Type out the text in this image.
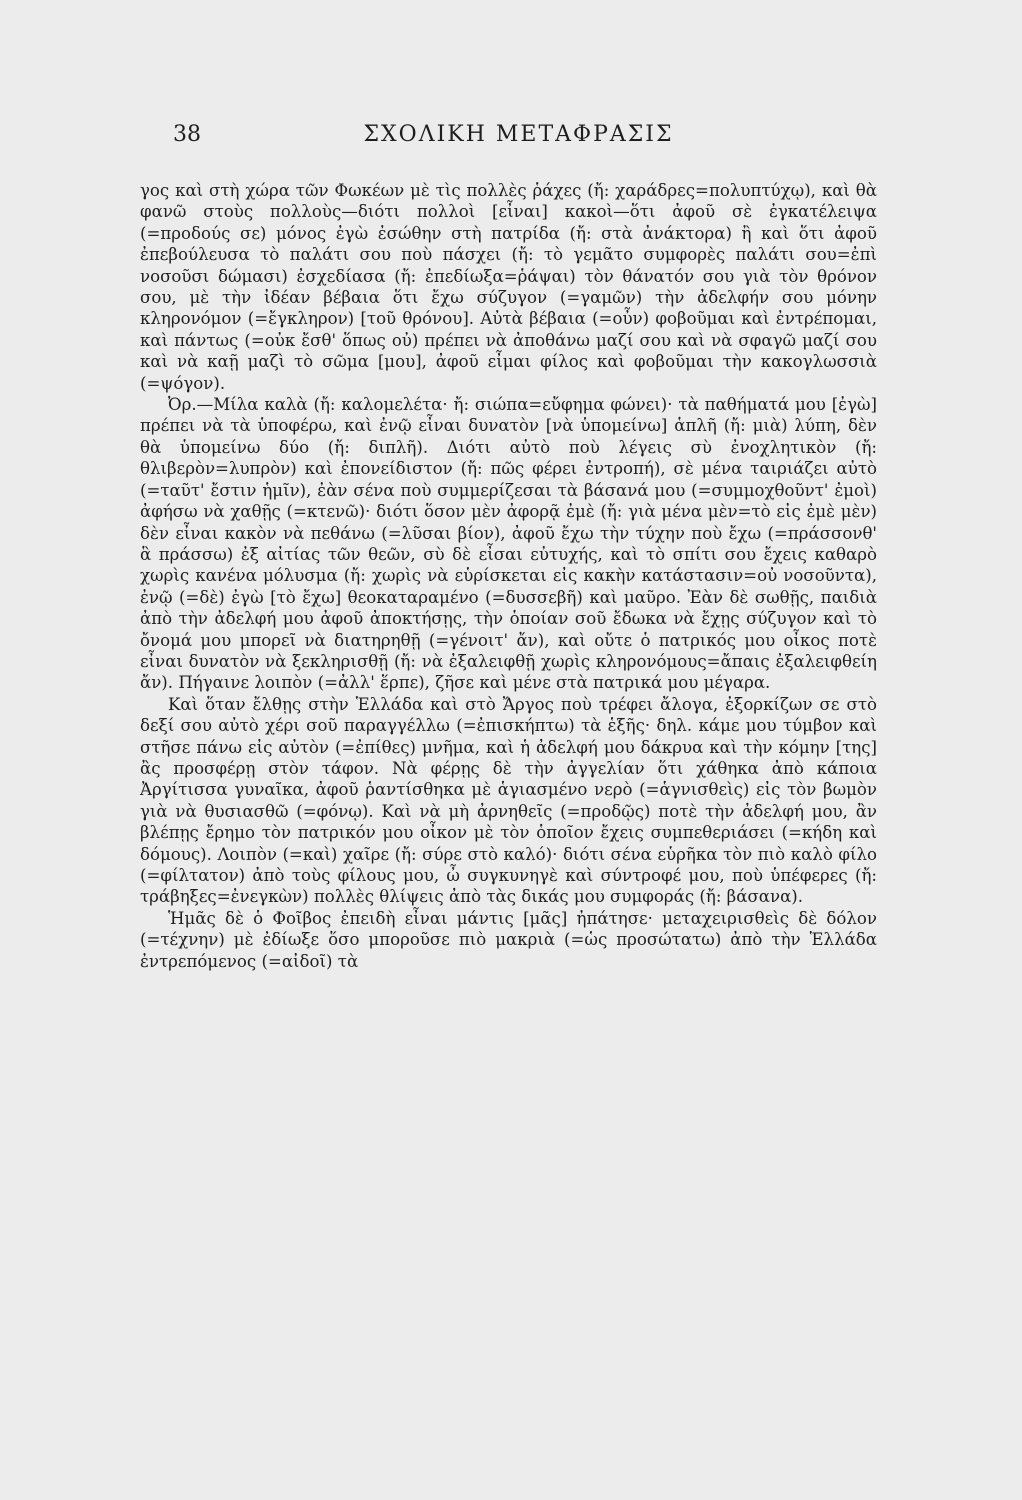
38	ΣΧΟΛΙΚΗ ΜΕΤΑΦΡΑΣΙΣ

γος καὶ στὴ χώρα τῶν Φωκέων μὲ τὶς πολλὲς ῥάχες (ἤ: χαράδρες=πολυπτύχῳ), καὶ θὰ φανῶ στοὺς πολλοὺς—διότι πολλοὶ [εἶναι] κακοὶ—ὅτι ἀφοῦ σὲ ἐγκατέλειψα (=προδούς σε) μόνος ἐγὼ ἐσώθην στὴ πατρίδα (ἤ: στὰ ἀνάκτορα) ἢ καὶ ὅτι ἀφοῦ ἐπεβούλευσα τὸ παλάτι σου ποὺ πάσχει (ἤ: τὸ γεμᾶτο συμφορὲς παλάτι σου=ἐπὶ νοσοῦσι δώμασι) ἐσχεδίασα (ἤ: ἐπεδίωξα=ῥάψαι) τὸν θάνατόν σου γιὰ τὸν θρόνον σου, μὲ τὴν ἰδέαν βέβαια ὅτι ἔχω σύζυγον (=γαμῶν) τὴν ἀδελφήν σου μόνην κληρονόμον (=ἔγκληρον) [τοῦ θρόνου]. Αὐτὰ βέβαια (=οὖν) φοβοῦμαι καὶ ἐντρέπομαι, καὶ πάντως (=οὐκ ἔσθ' ὅπως οὐ) πρέπει νὰ ἀποθάνω μαζί σου καὶ νὰ σφαγῶ μαζί σου καὶ νὰ καῇ μαζὶ τὸ σῶμα [μου], ἀφοῦ εἶμαι φίλος καὶ φοβοῦμαι τὴν κακογλωσσιὰ (=ψόγον).

Ὀρ.—Μίλα καλὰ (ἤ: καλομελέτα· ἤ: σιώπα=εὔφημα φώνει)· τὰ παθήματά μου [ἐγὼ] πρέπει νὰ τὰ ὑποφέρω, καὶ ἐνῷ εἶναι δυνατὸν [νὰ ὑπομείνω] ἁπλῆ (ἤ: μιὰ) λύπη, δὲν θὰ ὑπομείνω δύο (ἤ: διπλῆ). Διότι αὐτὸ ποὺ λέγεις σὺ ἐνοχλητικὸν (ἤ: θλιβερὸν=λυπρὸν) καὶ ἐπονείδιστον (ἤ: πῶς φέρει ἐντροπή), σὲ μένα ταιριάζει αὐτὸ (=ταῦτ' ἔστιν ἡμῖν), ἐὰν σένα ποὺ συμμερίζεσαι τὰ βάσανά μου (=συμμοχθοῦντ' ἐμοὶ) ἀφήσω νὰ χαθῇς (=κτενῶ)· διότι ὅσον μὲν ἀφορᾷ ἐμὲ (ἤ: γιὰ μένα μὲν=τὸ εἰς ἐμὲ μὲν) δὲν εἶναι κακὸν νὰ πεθάνω (=λῦσαι βίον), ἀφοῦ ἔχω τὴν τύχην ποὺ ἔχω (=πράσσονθ' ἃ πράσσω) ἐξ αἰτίας τῶν θεῶν, σὺ δὲ εἶσαι εὐτυχής, καὶ τὸ σπίτι σου ἔχεις καθαρὸ χωρὶς κανένα μόλυσμα (ἤ: χωρὶς νὰ εὑρίσκεται εἰς κακὴν κατάστασιν=οὐ νοσοῦντα), ἐνῷ (=δὲ) ἐγὼ [τὸ ἔχω] θεοκαταραμένο (=δυσσεβῆ) καὶ μαῦρο. Ἐὰν δὲ σωθῇς, παιδιὰ ἀπὸ τὴν ἀδελφή μου ἀφοῦ ἀποκτήσῃς, τὴν ὁποίαν σοῦ ἔδωκα νὰ ἔχῃς σύζυγον καὶ τὸ ὄνομά μου μπορεῖ νὰ διατηρηθῇ (=γένοιτ' ἄν), καὶ οὔτε ὁ πατρικός μου οἶκος ποτὲ εἶναι δυνατὸν νὰ ξεκληρισθῇ (ἤ: νὰ ἐξαλειφθῇ χωρὶς κληρονόμους=ἄπαις ἐξαλειφθείη ἄν). Πήγαινε λοιπὸν (=ἀλλ' ἕρπε), ζῆσε καὶ μένε στὰ πατρικά μου μέγαρα.

Καὶ ὅταν ἔλθῃς στὴν Ἑλλάδα καὶ στὸ Ἄργος ποὺ τρέφει ἄλογα, ἐξορκίζων σε στὸ δεξί σου αὐτὸ χέρι σοῦ παραγγέλλω (=ἐπισκήπτω) τὰ ἑξῆς· δηλ. κάμε μου τύμβον καὶ στῆσε πάνω εἰς αὐτὸν (=ἐπίθες) μνῆμα, καὶ ἡ ἀδελφή μου δάκρυα καὶ τὴν κόμην [της] ἂς προσφέρῃ στὸν τάφον. Νὰ φέρῃς δὲ τὴν ἀγγελίαν ὅτι χάθηκα ἀπὸ κάποια Ἀργίτισσα γυναῖκα, ἀφοῦ ῥαντίσθηκα μὲ ἁγιασμένο νερὸ (=ἁγνισθεὶς) εἰς τὸν βωμὸν γιὰ νὰ θυσιασθῶ (=φόνῳ). Καὶ νὰ μὴ ἀρνηθεῖς (=προδῷς) ποτὲ τὴν ἀδελφή μου, ἂν βλέπῃς ἔρημο τὸν πατρικόν μου οἶκον μὲ τὸν ὁποῖον ἔχεις συμπεθεριάσει (=κήδη καὶ δόμους). Λοιπὸν (=καὶ) χαῖρε (ἤ: σύρε στὸ καλό)· διότι σένα εὑρῆκα τὸν πιὸ καλὸ φίλο (=φίλτατον) ἀπὸ τοὺς φίλους μου, ὦ συγκυνηγὲ καὶ σύντροφέ μου, ποὺ ὑπέφερες (ἤ: τράβηξες=ἐνεγκὼν) πολλὲς θλίψεις ἀπὸ τὰς δικάς μου συμφοράς (ἤ: βάσανα).

Ἡμᾶς δὲ ὁ Φοῖβος ἐπειδὴ εἶναι μάντις [μᾶς] ἠπάτησε· μεταχειρισθεὶς δὲ δόλον (=τέχνην) μὲ ἐδίωξε ὅσο μποροῦσε πιὸ μακριὰ (=ὡς προσώτατω) ἀπὸ τὴν Ἑλλάδα ἐντρεπόμενος (=αἰδοῖ) τὰ
